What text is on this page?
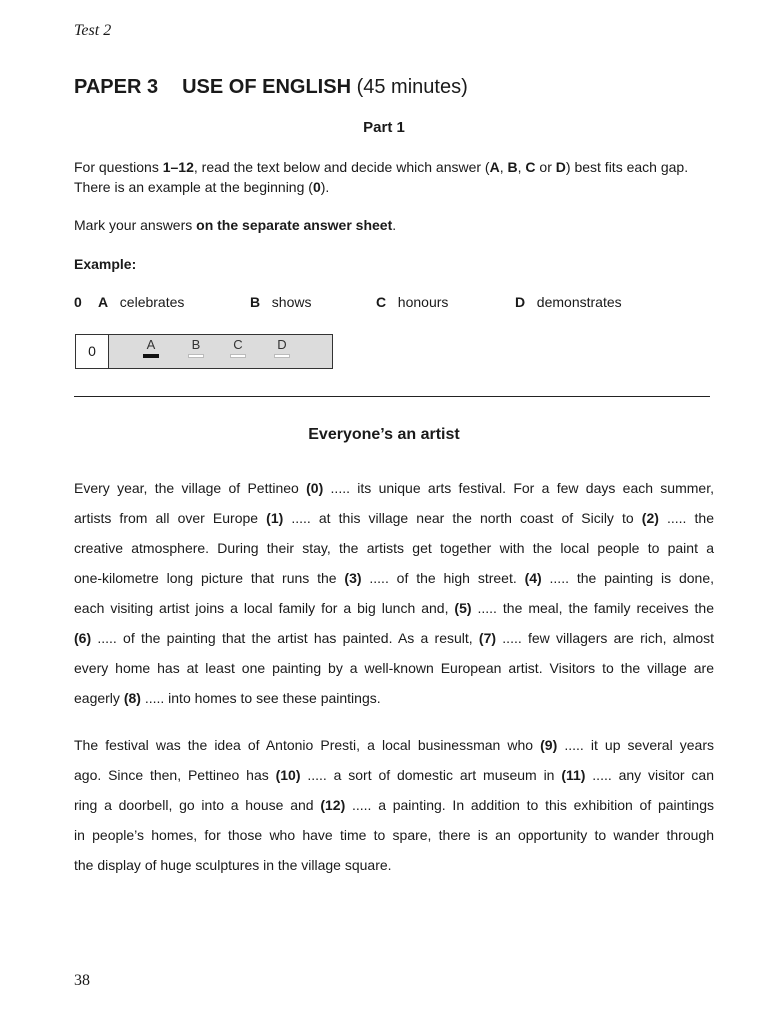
Test 2
PAPER 3 USE OF ENGLISH (45 minutes)
Part 1
For questions 1–12, read the text below and decide which answer (A, B, C or D) best fits each gap. There is an example at the beginning (0).
Mark your answers on the separate answer sheet.
Example:
0 A celebrates	B shows	C honours	D demonstrates
0	A	B	C	D
Everyone’s an artist
Every year, the village of Pettineo (0) ..... its unique arts festival. For a few days each summer,
artists from all over Europe (1) ..... at this village near the north coast of Sicily to (2) ..... the
creative atmosphere. During their stay, the artists get together with the local people to paint a
one-kilometre long picture that runs the (3) ..... of the high street. (4) ..... the painting is done,
each visiting artist joins a local family for a big lunch and, (5) ..... the meal, the family receives the
(6) ..... of the painting that the artist has painted. As a result, (7) ..... few villagers are rich, almost
every home has at least one painting by a well-known European artist. Visitors to the village are
eagerly (8) ..... into homes to see these paintings.
The festival was the idea of Antonio Presti, a local businessman who (9) ..... it up several years
ago. Since then, Pettineo has (10) ..... a sort of domestic art museum in (11) ..... any visitor can
ring a doorbell, go into a house and (12) ..... a painting. In addition to this exhibition of paintings
in people’s homes, for those who have time to spare, there is an opportunity to wander through
the display of huge sculptures in the village square.
38
